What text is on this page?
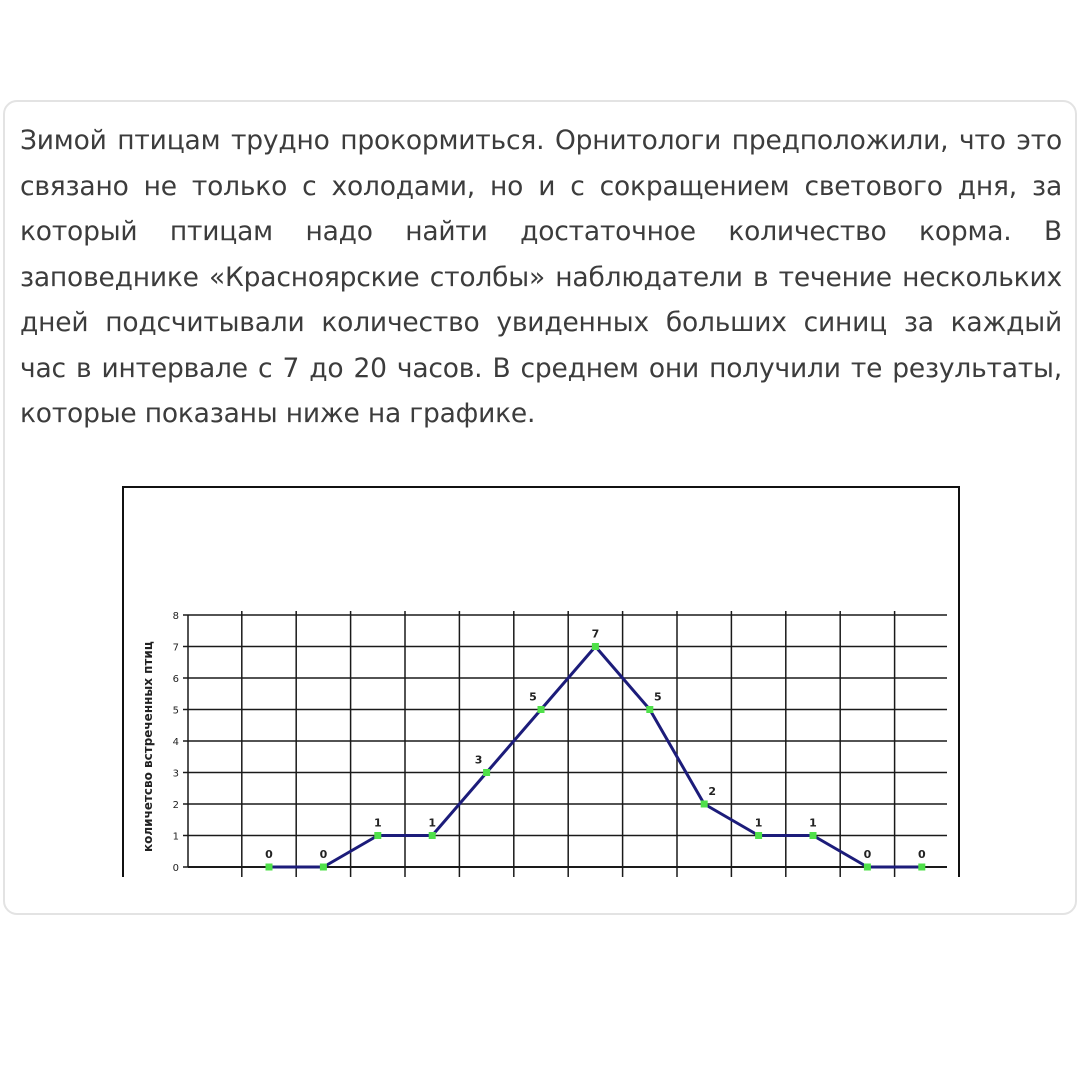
Зимой птицам трудно прокормиться. Орнитологи предположили, что это
связано не только с холодами, но и с сокращением светового дня, за
который птицам надо найти достаточное количество корма. В
заповеднике «Красноярские столбы» наблюдатели в течение нескольких
дней подсчитывали количество увиденных больших синиц за каждый
час в интервале с 7 до 20 часов. В среднем они получили те результаты,
которые показаны ниже на графике.

0
1
2
3
4
5
6
7
8
количетсво встреченных птиц
0	0
1	1
3
5
7
5
2
1	1
0	0
